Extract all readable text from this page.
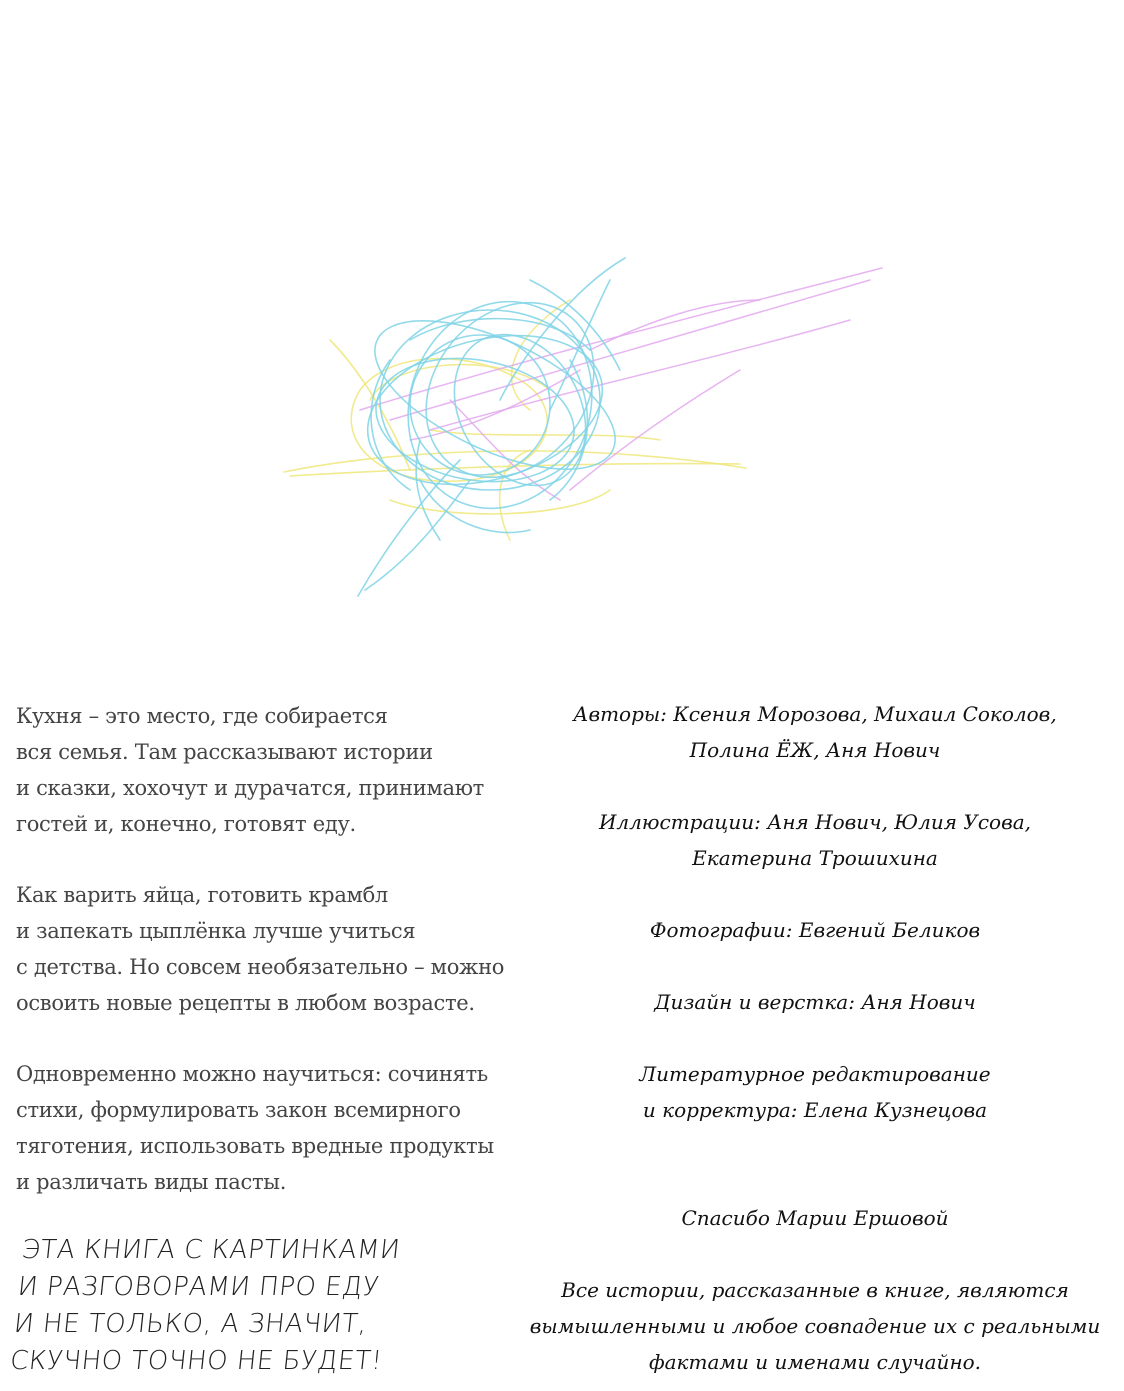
Кухня – это место, где собирается
вся семья. Там рассказывают истории
и сказки, хохочут и дурачатся, принимают
гостей и, конечно, готовят еду.

Как варить яйца, готовить крамбл
и запекать цыплёнка лучше учиться
с детства. Но совсем необязательно – можно
освоить новые рецепты в любом возрасте.

Одновременно можно научиться: сочинять
стихи, формулировать закон всемирного
тяготения, использовать вредные продукты
и различать виды пасты.

ЭТА КНИГА С КАРТИНКАМИ
И РАЗГОВОРАМИ ПРО ЕДУ
И НЕ ТОЛЬКО, А ЗНАЧИТ,
СКУЧНО ТОЧНО НЕ БУДЕТ!

Авторы: Ксения Морозова, Михаил Соколов,
Полина ЁЖ, Аня Нович

Иллюстрации: Аня Нович, Юлия Усова,
Екатерина Трошихина

Фотографии: Евгений Беликов

Дизайн и верстка: Аня Нович

Литературное редактирование
и корректура: Елена Кузнецова

Спасибо Марии Ершовой

Все истории, рассказанные в книге, являются
вымышленными и любое совпадение их с реальными
фактами и именами случайно.
